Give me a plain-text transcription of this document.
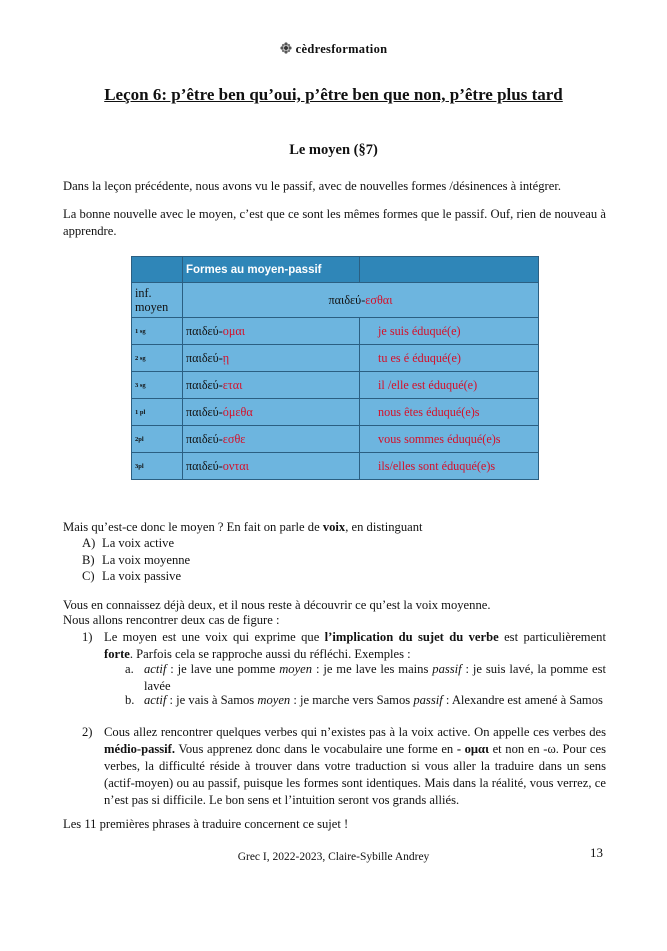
cèdresformation
Leçon 6: p’être ben qu’oui, p’être ben que non, p’être plus tard
Le moyen (§7)
Dans la leçon précédente, nous avons vu le passif, avec de nouvelles formes /désinences à intégrer.
La bonne nouvelle avec le moyen, c’est que ce sont les mêmes formes que le passif. Ouf, rien de nouveau à apprendre.
	Formes au moyen-passif	
inf. moyen	παιδεύ-εσθαι	
1 sg	παιδεύ-ομαι	je suis éduqué(e)
2 sg	παιδεύ-ῃ	tu es é éduqué(e)
3 sg	παιδεύ-εται	il /elle est éduqué(e)
1 pl	παιδεύ-όμεθα	nous êtes éduqué(e)s
2pl	παιδεύ-εσθε	vous sommes éduqué(e)s
3pl	παιδεύ-ονται	ils/elles sont éduqué(e)s
Mais qu’est-ce donc le moyen ? En fait on parle de voix, en distinguant
A) La voix active
B) La voix moyenne
C) La voix passive
Vous en connaissez déjà deux, et il nous reste à découvrir ce qu’est la voix moyenne.
Nous allons rencontrer deux cas de figure :
1) Le moyen est une voix qui exprime que l’implication du sujet du verbe est particulièrement forte. Parfois cela se rapproche aussi du réfléchi. Exemples :
a. actif : je lave une pomme moyen : je me lave les mains passif : je suis lavé, la pomme est lavée
b. actif : je vais à Samos moyen : je marche vers Samos passif : Alexandre est amené à Samos
2) Cous allez rencontrer quelques verbes qui n’existes pas à la voix active. On appelle ces verbes des médio-passif. Vous apprenez donc dans le vocabulaire une forme en - ομαι et non en -ω. Pour ces verbes, la difficulté réside à trouver dans votre traduction si vous aller la traduire dans un sens (actif-moyen) ou au passif, puisque les formes sont identiques. Mais dans la réalité, vous verrez, ce n’est pas si difficile. Le bon sens et l’intuition seront vos grands alliés.
Les 11 premières phrases à traduire concernent ce sujet !
Grec I, 2022-2023, Claire-Sybille Andrey	13
